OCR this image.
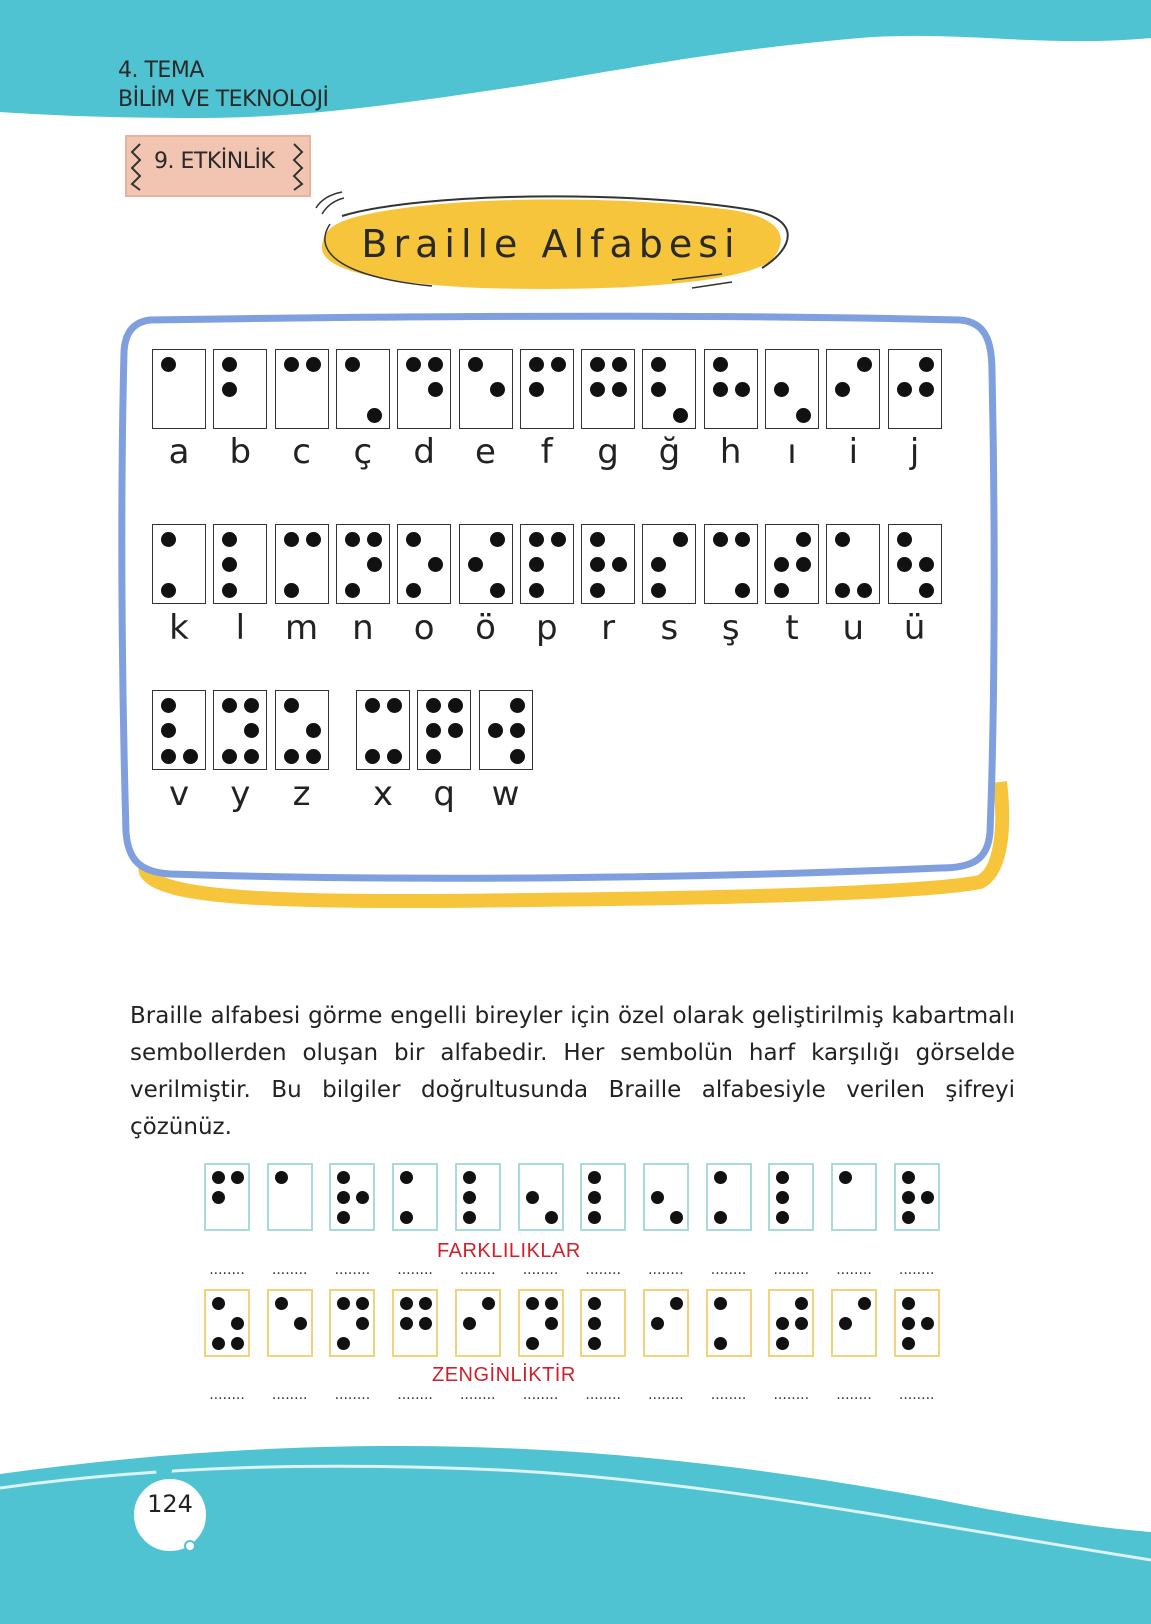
4. TEMA
BİLİM VE TEKNOLOJİ
9. ETKİNLİK
Braille Alfabesi
a	b	c	ç	d	e	f	g	ğ	h	ı	i	j
k	l	m n	o	ö	p	r	s	ş	t	u	ü
v	y	z	x	q	w

Braille alfabesi görme engelli bireyler için özel olarak geliştirilmiş kabartmalı sembollerden oluşan bir alfabedir. Her sembolün harf karşılığı görselde verilmiştir. Bu bilgiler doğrultusunda Braille alfabesiyle verilen şifreyi çözünüz.

........	........	........	........	........	........	........	........	........	........	........	........
FARKLILIKLAR
........	........	........	........	........	........	........	........	........	........	........	........
ZENGİNLİKTİR
124
